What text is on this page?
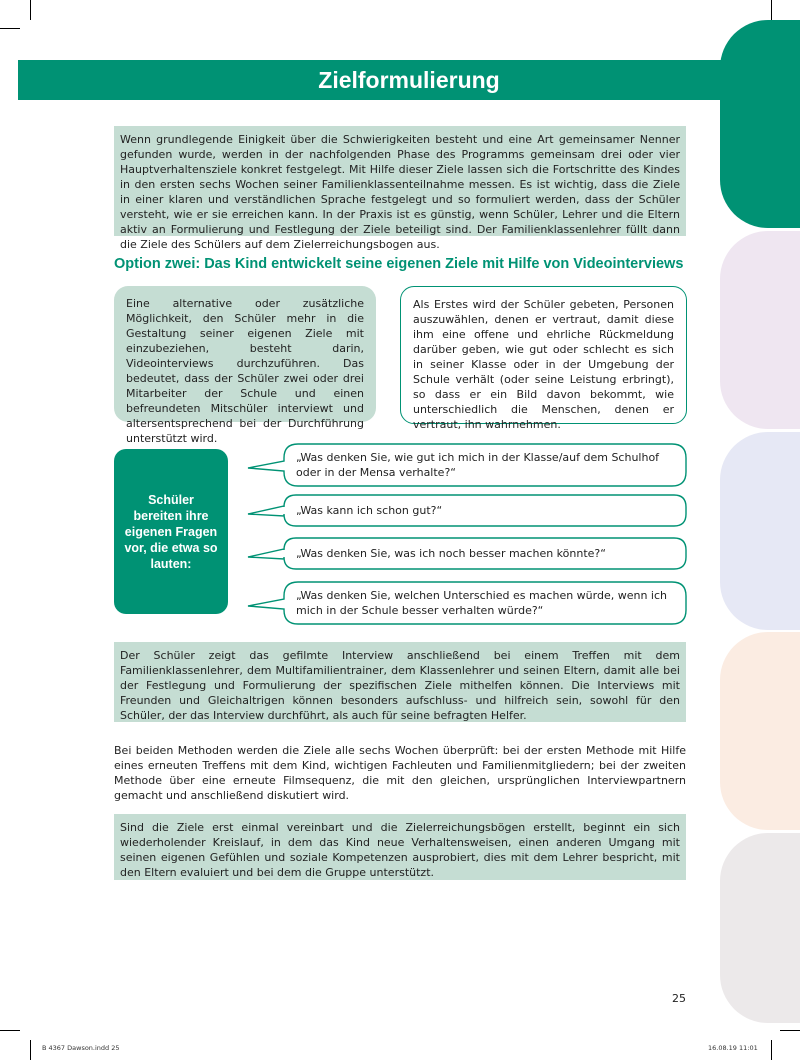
Zielformulierung
Wenn grundlegende Einigkeit über die Schwierigkeiten besteht und eine Art gemeinsamer Nenner gefunden wurde, werden in der nachfolgenden Phase des Programms gemeinsam drei oder vier Hauptverhaltensziele konkret festgelegt. Mit Hilfe dieser Ziele lassen sich die Fortschritte des Kindes in den ersten sechs Wochen seiner Familienklassenteilnahme messen. Es ist wichtig, dass die Ziele in einer klaren und verständlichen Sprache festgelegt und so formuliert werden, dass der Schüler versteht, wie er sie erreichen kann. In der Praxis ist es günstig, wenn Schüler, Lehrer und die Eltern aktiv an Formulierung und Festlegung der Ziele beteiligt sind. Der Familienklassenlehrer füllt dann die Ziele des Schülers auf dem Zielerreichungsbogen aus.
Option zwei: Das Kind entwickelt seine eigenen Ziele mit Hilfe von Videointerviews
Eine alternative oder zusätzliche Möglichkeit, den Schüler mehr in die Gestaltung seiner eigenen Ziele mit einzubeziehen, besteht darin, Videointerviews durchzuführen. Das bedeutet, dass der Schüler zwei oder drei Mitarbeiter der Schule und einen befreundeten Mitschüler interviewt und altersentsprechend bei der Durchführung unterstützt wird.
Als Erstes wird der Schüler gebeten, Personen auszuwählen, denen er vertraut, damit diese ihm eine offene und ehrliche Rückmeldung darüber geben, wie gut oder schlecht es sich in seiner Klasse oder in der Umgebung der Schule verhält (oder seine Leistung erbringt), so dass er ein Bild davon bekommt, wie unterschiedlich die Menschen, denen er vertraut, ihn wahrnehmen.
Schüler bereiten ihre eigenen Fragen vor, die etwa so lauten:
„Was denken Sie, wie gut ich mich in der Klasse/auf dem Schulhof oder in der Mensa verhalte?“
„Was kann ich schon gut?“
„Was denken Sie, was ich noch besser machen könnte?“
„Was denken Sie, welchen Unterschied es machen würde, wenn ich mich in der Schule besser verhalten würde?“
Der Schüler zeigt das gefilmte Interview anschließend bei einem Treffen mit dem Familienklassenlehrer, dem Multifamilientrainer, dem Klassenlehrer und seinen Eltern, damit alle bei der Festlegung und Formulierung der spezifischen Ziele mithelfen können. Die Interviews mit Freunden und Gleichaltrigen können besonders aufschluss- und hilfreich sein, sowohl für den Schüler, der das Interview durchführt, als auch für seine befragten Helfer.
Bei beiden Methoden werden die Ziele alle sechs Wochen überprüft: bei der ersten Methode mit Hilfe eines erneuten Treffens mit dem Kind, wichtigen Fachleuten und Familienmitgliedern; bei der zweiten Methode über eine erneute Filmsequenz, die mit den gleichen, ursprünglichen Interviewpartnern gemacht und anschließend diskutiert wird.
Sind die Ziele erst einmal vereinbart und die Zielerreichungsbögen erstellt, beginnt ein sich wiederholender Kreislauf, in dem das Kind neue Verhaltensweisen, einen anderen Umgang mit seinen eigenen Gefühlen und soziale Kompetenzen ausprobiert, dies mit dem Lehrer bespricht, mit den Eltern evaluiert und bei dem die Gruppe unterstützt.
25
B 4367 Dawson.indd 25	16.08.19 11:01
